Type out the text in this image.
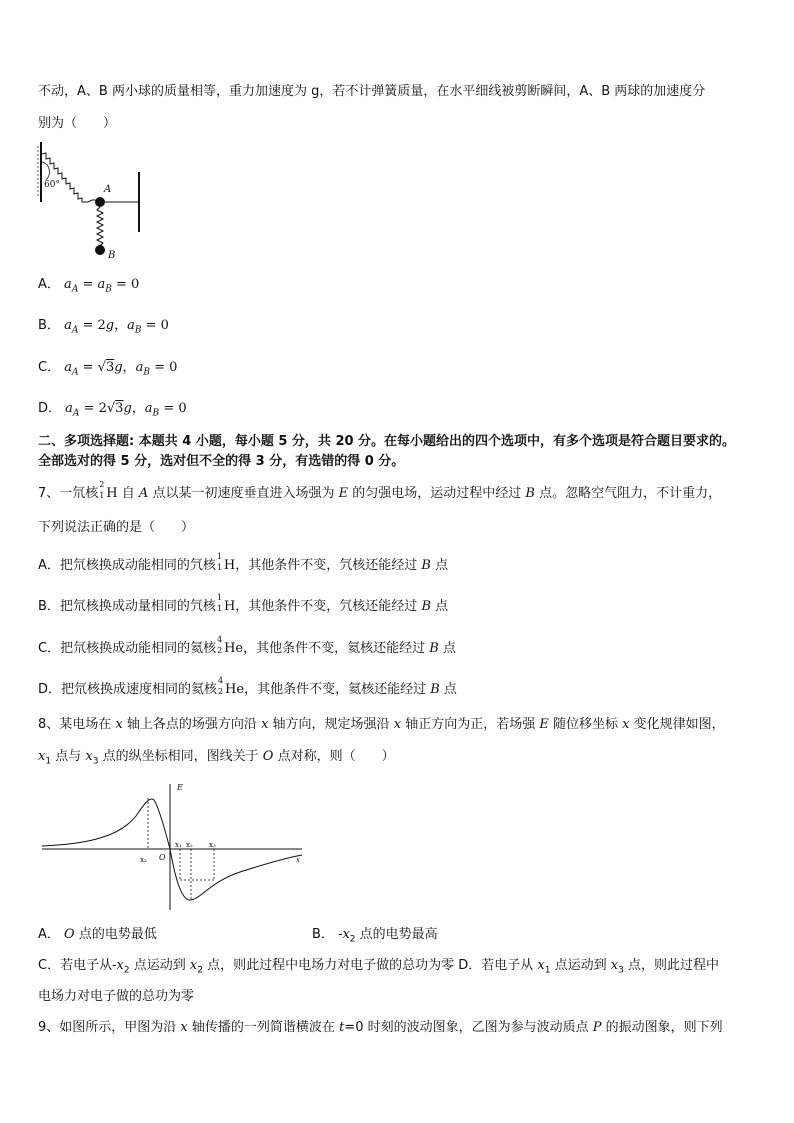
不动，A、B 两小球的质量相等，重力加速度为 g，若不计弹簧质量，在水平细线被剪断瞬间，A、B 两球的加速度分
别为（　　）
60°	A
B
A． $a_A = a_B = 0$
B． $a_A = 2g$，$a_B = 0$
C． $a_A = √3g$，$a_B = 0$
D． $a_A = 2√3g$，$a_B = 0$
二、多项选择题: 本题共 4 小题，每小题 5 分，共 20 分。在每小题给出的四个选项中，有多个选项是符合题目要求的。
全部选对的得 5 分，选对但不全的得 3 分，有选错的得 0 分。
7、一氘核
2
1 H 自 A 点以某一初速度垂直进入场强为 E 的匀强电场，运动过程中经过 B 点。忽略空气阻力，不计重力，
下列说法正确的是（　　）
A．把氘核换成动能相同的氕核
1
1 H，其他条件不变，氕核还能经过 B 点
B．把氘核换成动量相同的氕核
1
1 H，其他条件不变，氕核还能经过 B 点
C．把氘核换成动能相同的氦核
4
2 He，其他条件不变，氦核还能经过 B 点
D．把氘核换成速度相同的氦核
4
2 He，其他条件不变，氦核还能经过 B 点
8、某电场在 x 轴上各点的场强方向沿 x 轴方向，规定场强沿 x 轴正方向为正，若场强 E 随位移坐标 x 变化规律如图，
$x_1$ 点与 $x_3$ 点的纵坐标相同，图线关于 O 点对称，则（　　）
E
x
O
x₂
x₁ x₂ x₃
A． O 点的电势最低	B． $-x_2$ 点的电势最高
C．若电子从$-x_2$ 点运动到 $x_2$ 点，则此过程中电场力对电子做的总功为零 D．若电子从 $x_1$ 点运动到 $x_3$ 点，则此过程中
电场力对电子做的总功为零
9、如图所示，甲图为沿 x 轴传播的一列简谐横波在 t=0 时刻的波动图象，乙图为参与波动质点 P 的振动图象，则下列
